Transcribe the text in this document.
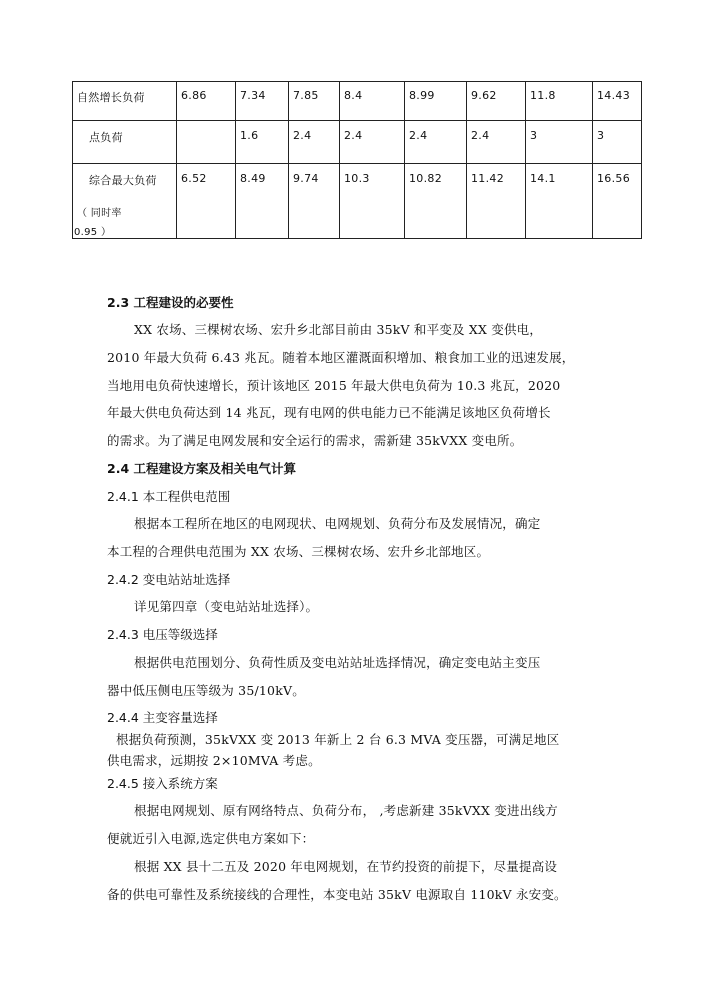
自然增长负荷	6.86	7.34	7.85	8.4	8.99	9.62	11.8	14.43
点负荷		1.6	2.4	2.4	2.4	2.4	3	3

综合最大负荷
（ 同时率
0.95 ）	6.52	8.49	9.74	10.3	10.82	11.42	14.1	16.56
2.3 工程建设的必要性
XX 农场、三棵树农场、宏升乡北部目前由 35kV 和平变及 XX 变供电，
2010 年最大负荷 6.43 兆瓦。随着本地区灌溉面积增加、粮食加工业的迅速发展，
当地用电负荷快速增长，预计该地区 2015 年最大供电负荷为 10.3 兆瓦，2020
年最大供电负荷达到 14 兆瓦，现有电网的供电能力已不能满足该地区负荷增长
的需求。为了满足电网发展和安全运行的需求，需新建 35kVXX 变电所。
2.4 工程建设方案及相关电气计算
2.4.1 本工程供电范围
根据本工程所在地区的电网现状、电网规划、负荷分布及发展情况，确定
本工程的合理供电范围为 XX 农场、三棵树农场、宏升乡北部地区。
2.4.2 变电站站址选择
详见第四章（变电站站址选择）。
2.4.3 电压等级选择
根据供电范围划分、负荷性质及变电站站址选择情况，确定变电站主变压
器中低压侧电压等级为 35/10kV。
2.4.4 主变容量选择
根据负荷预测，35kVXX 变 2013 年新上 2 台 6.3 MVA 变压器，可满足地区
供电需求，远期按 2×10MVA 考虑。
2.4.5 接入系统方案
根据电网规划、原有网络特点、负荷分布， ,考虑新建 35kVXX 变进出线方
便就近引入电源,选定供电方案如下：
根据 XX 县十二五及 2020 年电网规划，在节约投资的前提下，尽量提高设
备的供电可靠性及系统接线的合理性，本变电站 35kV 电源取自 110kV 永安变。
